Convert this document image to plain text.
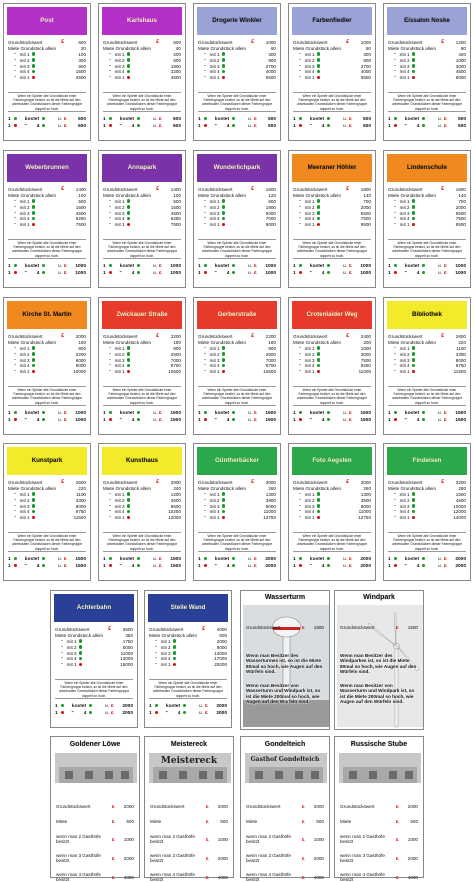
Post
Grundstückswert	£	600
Miete Grundstück allein	20
" mit 1	100
" mit 2	300
" mit 3	900
" mit 4	1600
" mit 1	2500
Wenn ein Spieler alle Grundstücke einer Farbengruppe besitzt, so ist die Miete auf den unbebauten Grundstücken dieser Farbengruppe doppelt so hoch.
1	kostet	u. £	500
1	" 4	u. £	500
Karlshaus
Grundstückswert	£	600
Miete Grundstück allein	40
" mit 1	200
" mit 2	600
" mit 3	1800
" mit 4	3200
" mit 1	4500
Wenn ein Spieler alle Grundstücke einer Farbengruppe besitzt, so ist die Miete auf den unbebauten Grundstücken dieser Farbengruppe doppelt so hoch.
1	kostet	u. £	500
1	" 4	u. £	500
Drogerie Winkler
Grundstückswert	£	1000
Miete Grundstück allein	60
" mit 1	300
" mit 2	900
" mit 3	2700
" mit 4	4000
" mit 1	5500
Wenn ein Spieler alle Grundstücke einer Farbengruppe besitzt, so ist die Miete auf den unbebauten Grundstücken dieser Farbengruppe doppelt so hoch.
1	kostet	u. £	500
1	" 4	u. £	500
Farbenfiedler
Grundstückswert	£	1000
Miete Grundstück allein	60
" mit 1	300
" mit 2	900
" mit 3	2700
" mit 4	4000
" mit 1	5500
Wenn ein Spieler alle Grundstücke einer Farbengruppe besitzt, so ist die Miete auf den unbebauten Grundstücken dieser Farbengruppe doppelt so hoch.
1	kostet	u. £	500
1	" 4	u. £	500
Eissalon Noske
Grundstückswert	£	1200
Miete Grundstück allein	80
" mit 1	400
" mit 2	1000
" mit 3	3000
" mit 4	4500
" mit 1	6000
Wenn ein Spieler alle Grundstücke einer Farbengruppe besitzt, so ist die Miete auf den unbebauten Grundstücken dieser Farbengruppe doppelt so hoch.
1	kostet	u. £	500
1	" 4	u. £	500
Weberbrunnen
Grundstückswert	£	1400
Miete Grundstück allein	100
" mit 1	500
" mit 2	1500
" mit 3	4500
" mit 4	6250
" mit 1	7500
Wenn ein Spieler alle Grundstücke einer Farbengruppe besitzt, so ist die Miete auf den unbebauten Grundstücken dieser Farbengruppe doppelt so hoch.
1	kostet	u. £	1000
1	" 4	u. £	1000
Annapark
Grundstückswert	£	1400
Miete Grundstück allein	100
" mit 1	500
" mit 2	1500
" mit 3	4500
" mit 4	6250
" mit 1	7500
Wenn ein Spieler alle Grundstücke einer Farbengruppe besitzt, so ist die Miete auf den unbebauten Grundstücken dieser Farbengruppe doppelt so hoch.
1	kostet	u. £	1000
1	" 4	u. £	1000
Wunderlichpark
Grundstückswert	£	1600
Miete Grundstück allein	120
" mit 1	600
" mit 2	1800
" mit 3	5000
" mit 4	7000
" mit 1	9000
Wenn ein Spieler alle Grundstücke einer Farbengruppe besitzt, so ist die Miete auf den unbebauten Grundstücken dieser Farbengruppe doppelt so hoch.
1	kostet	u. £	1000
1	" 4	u. £	1000
Meeraner Höhler
Grundstückswert	£	1800
Miete Grundstück allein	140
" mit 1	700
" mit 2	2000
" mit 3	5500
" mit 4	7500
" mit 1	9500
Wenn ein Spieler alle Grundstücke einer Farbengruppe besitzt, so ist die Miete auf den unbebauten Grundstücken dieser Farbengruppe doppelt so hoch.
1	kostet	u. £	1000
1	" 4	u. £	1000
Lindenschule
Grundstückswert	£	1800
Miete Grundstück allein	140
" mit 1	700
" mit 2	2000
" mit 3	5500
" mit 4	7500
" mit 1	9500
Wenn ein Spieler alle Grundstücke einer Farbengruppe besitzt, so ist die Miete auf den unbebauten Grundstücken dieser Farbengruppe doppelt so hoch.
1	kostet	u. £	1000
1	" 4	u. £	1000
Kirche St. Martin
Grundstückswert	£	2000
Miete Grundstück allein	160
" mit 1	800
" mit 2	2200
" mit 3	6000
" mit 4	8000
" mit 1	10000
Wenn ein Spieler alle Grundstücke einer Farbengruppe besitzt, so ist die Miete auf den unbebauten Grundstücken dieser Farbengruppe doppelt so hoch.
1	kostet	u. £	1000
1	" 4	u. £	1000
Zwickauer Straße
Grundstückswert	£	2200
Miete Grundstück allein	180
" mit 1	900
" mit 2	2500
" mit 3	7000
" mit 4	8750
" mit 1	10500
Wenn ein Spieler alle Grundstücke einer Farbengruppe besitzt, so ist die Miete auf den unbebauten Grundstücken dieser Farbengruppe doppelt so hoch.
1	kostet	u. £	1500
1	" 4	u. £	1500
Gerberstraße
Grundstückswert	£	2200
Miete Grundstück allein	180
" mit 1	900
" mit 2	2500
" mit 3	7000
" mit 4	8750
" mit 1	10500
Wenn ein Spieler alle Grundstücke einer Farbengruppe besitzt, so ist die Miete auf den unbebauten Grundstücken dieser Farbengruppe doppelt so hoch.
1	kostet	u. £	1500
1	" 4	u. £	1500
Crotenlaider Weg
Grundstückswert	£	2400
Miete Grundstück allein	200
" mit 1	1000
" mit 2	3000
" mit 3	7500
" mit 4	9250
" mit 1	11000
Wenn ein Spieler alle Grundstücke einer Farbengruppe besitzt, so ist die Miete auf den unbebauten Grundstücken dieser Farbengruppe doppelt so hoch.
1	kostet	u. £	1500
1	" 4	u. £	1500
Bibliothek
Grundstückswert	£	2600
Miete Grundstück allein	220
" mit 1	1100
" mit 2	3300
" mit 3	8000
" mit 4	9750
" mit 1	11500
Wenn ein Spieler alle Grundstücke einer Farbengruppe besitzt, so ist die Miete auf den unbebauten Grundstücken dieser Farbengruppe doppelt so hoch.
1	kostet	u. £	1500
1	" 4	u. £	1500
Kunstpark
Grundstückswert	£	2600
Miete Grundstück allein	220
" mit 1	1100
" mit 2	3300
" mit 3	8000
" mit 4	9750
" mit 1	11500
Wenn ein Spieler alle Grundstücke einer Farbengruppe besitzt, so ist die Miete auf den unbebauten Grundstücken dieser Farbengruppe doppelt so hoch.
1	kostet	u. £	1500
1	" 4	u. £	1500
Kunsthaus
Grundstückswert	£	2800
Miete Grundstück allein	240
" mit 1	1200
" mit 2	3600
" mit 3	8500
" mit 4	10250
" mit 1	12000
Wenn ein Spieler alle Grundstücke einer Farbengruppe besitzt, so ist die Miete auf den unbebauten Grundstücken dieser Farbengruppe doppelt so hoch.
1	kostet	u. £	1500
1	" 4	u. £	1500
Güntherbäcker
Grundstückswert	£	3000
Miete Grundstück allein	260
" mit 1	1300
" mit 2	3900
" mit 3	9000
" mit 4	11000
" mit 1	12750
Wenn ein Spieler alle Grundstücke einer Farbengruppe besitzt, so ist die Miete auf den unbebauten Grundstücken dieser Farbengruppe doppelt so hoch.
1	kostet	u. £	2000
1	" 4	u. £	2000
Foto Aegsten
Grundstückswert	£	3000
Miete Grundstück allein	260
" mit 1	1300
" mit 2	3900
" mit 3	9000
" mit 4	11000
" mit 1	12750
Wenn ein Spieler alle Grundstücke einer Farbengruppe besitzt, so ist die Miete auf den unbebauten Grundstücken dieser Farbengruppe doppelt so hoch.
1	kostet	u. £	2000
1	" 4	u. £	2000
Findeisen
Grundstückswert	£	3200
Miete Grundstück allein	280
" mit 1	1500
" mit 2	4500
" mit 3	10000
" mit 4	12000
" mit 1	14000
Wenn ein Spieler alle Grundstücke einer Farbengruppe besitzt, so ist die Miete auf den unbebauten Grundstücken dieser Farbengruppe doppelt so hoch.
1	kostet	u. £	2000
1	" 4	u. £	2000
Achterbahn
Grundstückswert	£	3500
Miete Grundstück allein	350
" mit 1	1750
" mit 2	5000
" mit 3	11000
" mit 4	13000
" mit 1	15000
Wenn ein Spieler alle Grundstücke einer Farbengruppe besitzt, so ist die Miete auf den unbebauten Grundstücken dieser Farbengruppe doppelt so hoch.
1	kostet	u. £	2000
1	" 4	u. £	2000
Steile Wand
Grundstückswert	£	4000
Miete Grundstück allein	500
" mit 1	2000
" mit 2	6000
" mit 3	14000
" mit 4	17000
" mit 1	20000
Wenn ein Spieler alle Grundstücke einer Farbengruppe besitzt, so ist die Miete auf den unbebauten Grundstücken dieser Farbengruppe doppelt so hoch.
1	kostet	u. £	2000
1	" 4	u. £	2000
Wasserturm
Grundstückswert	£	1500
Wenn man Besitzer des Wasserturmes ist, so ist die Miete 80mal so hoch, wie Augen auf den Würfeln sind.
Wenn man Besitzer von Wasserturm und Windpark ist, so ist die Miete 200mal so hoch, wie Augen auf den Würfeln sind.
Windpark
Grundstückswert	£	1500
Wenn man Besitzer des Windparkes ist, so ist die Miete 80mal so hoch, wie Augen auf den Würfeln sind.
Wenn man Besitzer von Wasserturm und Windpark ist, so ist die Miete 200mal so hoch, wie Augen auf den Würfeln sind.
Goldener Löwe
Grundstückswert	£	2000
Miete	£	500
wenn man 2 Gasthöfe besitzt
£	1000
wenn man 3 Gasthöfe besitzt
£	2000
wenn man 4 Gasthöfe besitzt
£	4000
Meistereck
Meistereck
Grundstückswert	£	2000
Miete	£	500
wenn man 2 Gasthöfe besitzt
£	1000
wenn man 3 Gasthöfe besitzt
£	2000
wenn man 4 Gasthöfe besitzt
£	4000
Gondelteich
Gasthof Gondelteich
Grundstückswert	£	2000
Miete	£	500
wenn man 2 Gasthöfe besitzt
£	1000
wenn man 3 Gasthöfe besitzt
£	2000
wenn man 4 Gasthöfe besitzt
£	4000
Russische Stube
Grundstückswert	£	2000
Miete	£	500
wenn man 2 Gasthöfe besitzt
£	1000
wenn man 3 Gasthöfe besitzt
£	2000
wenn man 4 Gasthöfe besitzt
£	4000
